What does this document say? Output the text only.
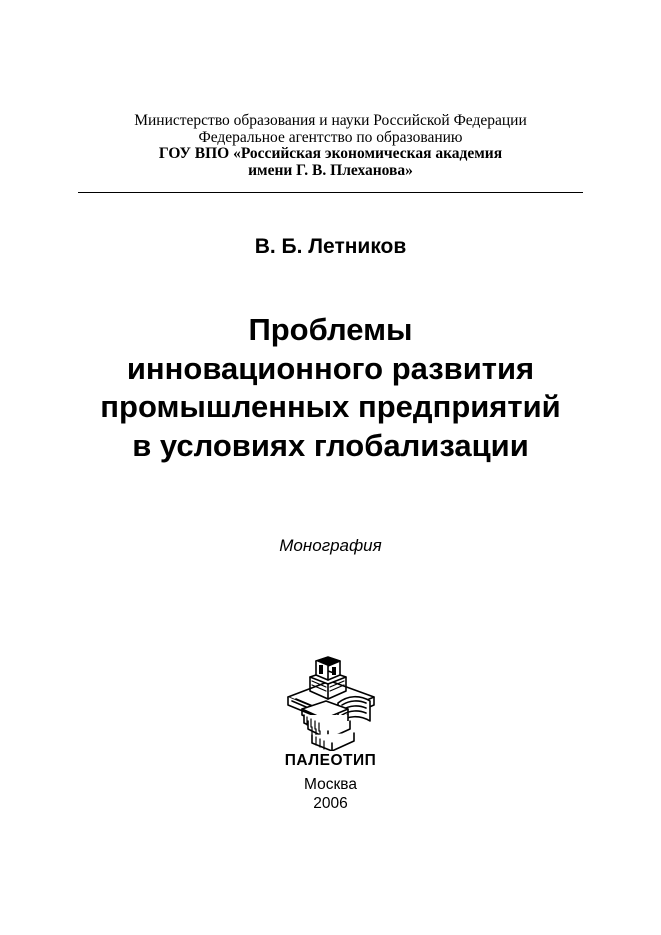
Министерство образования и науки Российской Федерации
Федеральное агентство по образованию
ГОУ ВПО «Российская экономическая академия
имени Г. В. Плеханова»
В. Б. Летников
Проблемы
инновационного развития
промышленных предприятий
в условиях глобализации
Монография
ПАЛЕОТИП
Москва
2006
